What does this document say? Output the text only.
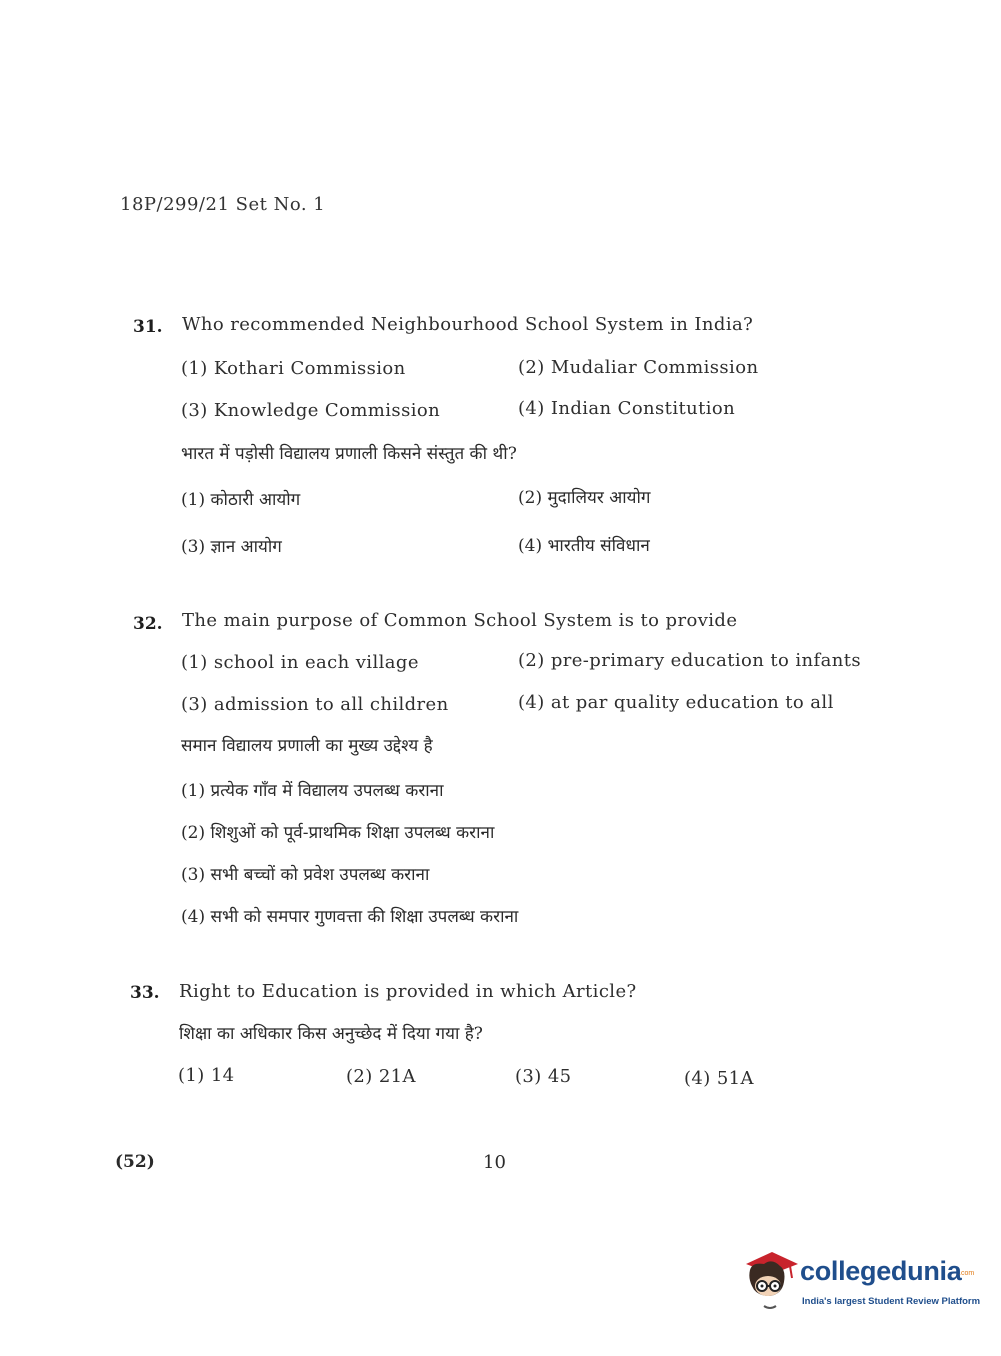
18P/299/21 Set No. 1
31. Who recommended Neighbourhood School System in India?
(1) Kothari Commission	(2) Mudaliar Commission
(3) Knowledge Commission	(4) Indian Constitution
भारत में पड़ोसी विद्यालय प्रणाली किसने संस्तुत की थी?
(1) कोठारी आयोग	(2) मुदालियर आयोग
(3) ज्ञान आयोग	(4) भारतीय संविधान
32. The main purpose of Common School System is to provide
(1) school in each village	(2) pre-primary education to infants
(3) admission to all children	(4) at par quality education to all
समान विद्यालय प्रणाली का मुख्य उद्देश्य है
(1) प्रत्येक गाँव में विद्यालय उपलब्ध कराना
(2) शिशुओं को पूर्व-प्राथमिक शिक्षा उपलब्ध कराना
(3) सभी बच्चों को प्रवेश उपलब्ध कराना
(4) सभी को समपार गुणवत्ता की शिक्षा उपलब्ध कराना
33. Right to Education is provided in which Article?
शिक्षा का अधिकार किस अनुच्छेद में दिया गया है?
(1) 14	(2) 21A	(3) 45	(4) 51A
(52)	10
collegedunia
.com
India's largest Student Review Platform
